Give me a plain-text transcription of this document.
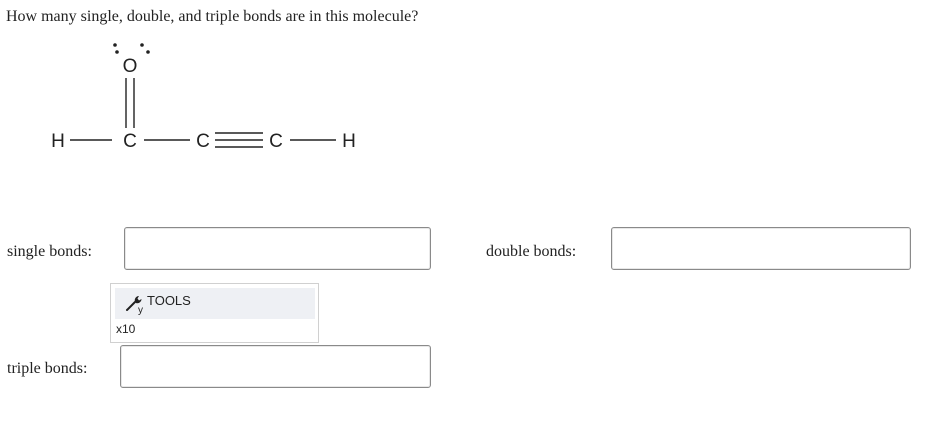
How many single, double, and triple bonds are in this molecule?
O
H	C	C	C	H
single bonds:	double bonds:
y
TOOLS
x10
triple bonds:
